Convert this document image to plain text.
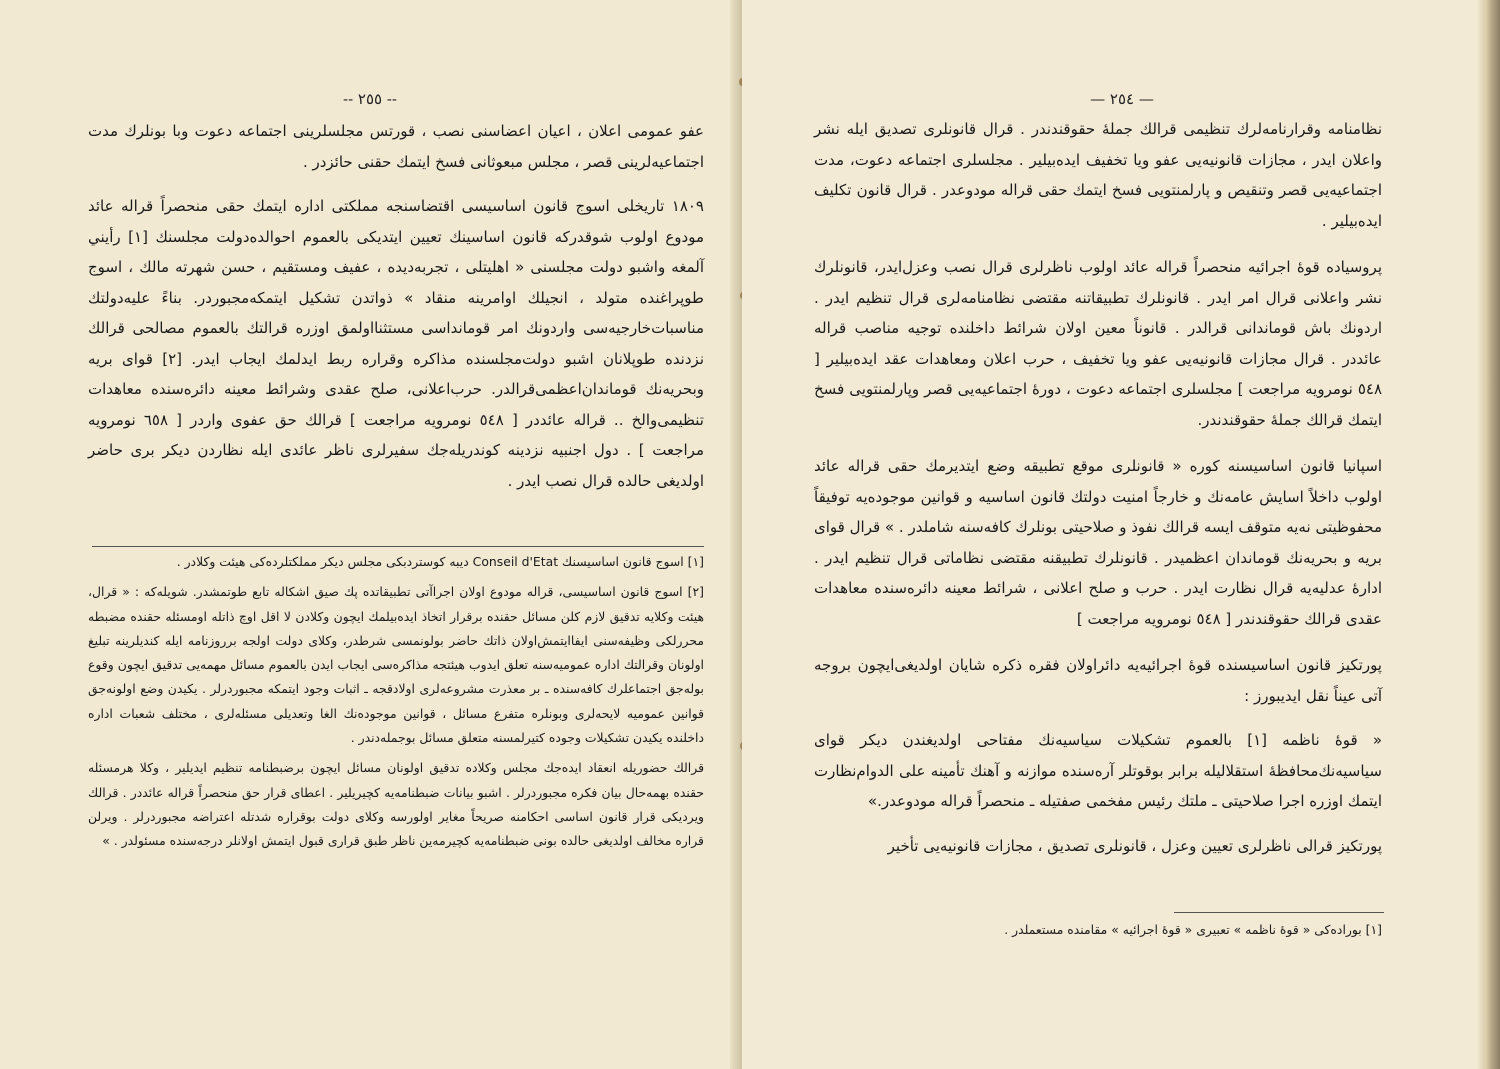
-- ٢٥٥ --

عفو عمومى اعلان ، اعيان اعضاسنى نصب ، قورتس مجلسلرينى اجتماعه دعوت وبا بونلرك مدت اجتماعيه‌لرينى قصر ، مجلس مبعوثانى فسخ ايتمك حقنى حائزدر .

١٨٠٩ تاريخلى اسوج قانون اساسيسى اقتضاسنجه مملكتى اداره ايتمك حقى منحصراً قراله عائد مودوع اولوب شوقدركه قانون اساسينك تعيين ايتديكى بالعموم احوالده‌دولت مجلسنك [١] رأيني آلمغه واشبو دولت مجلسنى « اهليتلى ، تجربه‌ديده ، عفيف ومستقيم ، حسن شهرته مالك ، اسوج طوپراغنده متولد ، انجيلك اوامرينه منقاد » ذواتدن تشكيل ايتمكه‌مجبوردر. بناءً عليه‌دولتك مناسبات‌خارجيه‌سى واردونك امر قوماندا‌سى مستثنا‌اولمق اوزره قرالتك بالعموم مصالحى قرالك نزدنده طوپلانان اشبو دولت‌مجلسنده مذاكره وقراره ربط ايدلمك ايجاب ايدر. [٢] قواى بريه وبحريه‌نك قوماندان‌اعظمى‌قرالدر. حرب‌اعلانى، صلح عقدى وشرائط معينه دائره‌سنده معاهدات تنظيمى‌والخ .. قراله عائددر [ ٥٤٨ نومرويه مراجعت ] قرالك حق عفوى واردر [ ٦٥٨ نومرويه مراجعت ] . دول اجنبيه نزدينه كوندريله‌جك سفيرلرى ناظر عائدى ايله نظاردن ديكر برى حاضر اولديغى حالده قرال نصب ايدر .

[١] اسوج قانون اساسيسنك Conseil d'Etat ديبه كوستردبكى مجلس ديكر مملكتلرده‌كى هيئت وكلادر .

[٢] اسوج قانون اساسيسى، قراله مودوع اولان اجراآتى تطبيقاتده پك صيق اشكاله تابع طوتمشدر. شويله‌كه : « قرال، هيئت وكلايه تدقيق لازم كلن مسائل حقنده برقرار اتخاذ ايده‌بيلمك ايچون وكلادن لا اقل اوچ ذاتله اومسئله حقنده مضبطه محررلكى وظيفه‌سنى ايفاايتمش‌اولان ذاتك حاضر بولونمسى شرطدر، وكلاى دولت اولجه برروزنامه ايله كنديلرينه تبليغ اولونان وقرالتك اداره عموميه‌سنه تعلق ايدوب هيئتجه مذاكره‌سى ايجاب ايدن بالعموم مسائل مهمه‌يى تدقيق ايچون وقوع بوله‌جق اجتماعلرك كافه‌سنده ـ بر معذرت مشروعه‌لرى اولادقجه ـ اثبات وجود ايتمكه مجبوردرلر . يكيدن وضع اولونه‌جق قوانين عموميه لايحه‌لرى وبونلره متفرع مسائل ، قوانين موجوده‌نك الغا وتعديلى مسئله‌لرى ، مختلف شعبات اداره داخلنده يكيدن تشكيلات وجوده كتيرلمسنه متعلق مسائل بوجمله‌دندر .

قرالك حضوريله انعقاد ايده‌جك مجلس وكلاده تدقيق اولونان مسائل ايچون برضبطنامه تنظيم ايديلير ، وكلا هرمسئله حقنده بهمه‌حال بيان فكره مجبوردرلر . اشبو بيانات ضبطنامه‌يه كچيريلير . اعطاى قرار حق منحصراً قراله عائددر . قرالك ويرديكى قرار قانون اساسى احكامنه صريحاً مغاير اولورسه وكلاى دولت بوقراره شدتله اعتراضه مجبوردرلر . ويرلن قراره مخالف اولديغى حالده بونى ضبطنامه‌يه كچيرمه‌ين ناظر طبق قرارى قبول ايتمش اولانلر درجه‌سنده مسئولدر . »

— ٢٥٤ —

نظامنامه وقرارنامه‌لرك تنظيمى قرالك جملهٔ حقوقندندر . قرال قانونلرى تصديق ايله نشر واعلان ايدر ، مجازات قانونيه‌يى عفو ويا تخفيف ايده‌بيلير . مجلسلرى اجتماعه دعوت، مدت اجتماعيه‌يى قصر وتنقيص و پارلمنتويى فسخ ايتمك حقى قراله مودوعدر . قرال قانون تكليف ايده‌بيلير .

پروسياده قوهٔ اجرائيه منحصراً قراله عائد اولوب ناظرلرى قرال نصب وعزل‌ايدر، قانونلرك نشر واعلانى قرال امر ايدر . قانونلرك تطبيقاتنه مقتضى نظامنامه‌لرى قرال تنظيم ايدر . اردونك باش قوماندانى قرالدر . قانوناً معين اولان شرائط داخلنده توجيه مناصب قراله عائددر . قرال مجازات قانونيه‌يى عفو ويا تخفيف ، حرب اعلان ومعاهدات عقد ايده‌بيلير [ ٥٤٨ نومرويه مراجعت ] مجلسلرى اجتماعه دعوت ، دورهٔ اجتماعيه‌يى قصر وپارلمنتويى فسخ ايتمك قرالك جملهٔ حقوقندندر.

اسپانيا قانون اساسيسنه كوره « قانونلرى موقع تطبيقه وضع ايتديرمك حقى قراله عائد اولوب داخلاً اسايش عامه‌نك و خارجاً امنيت دولتك قانون اساسيه و قوانين موجوده‌يه توفيقاً محفوظيتى نه‌يه متوقف ايسه قرالك نفوذ و صلاحيتى بونلرك كافه‌سنه شاملدر . » قرال قواى بريه و بحريه‌نك قوماندان اعظميدر . قانونلرك تطبيقنه مقتضى نظاماتى قرال تنظيم ايدر . ادارهٔ عدليه‌يه قرال نظارت ايدر . حرب و صلح اعلانى ، شرائط معينه دائره‌سنده معاهدات عقدى قرالك حقوقندندر [ ٥٤٨ نومرويه مراجعت ]

پورتكيز قانون اساسيسنده قوهٔ اجرائيه‌يه دائراولان فقره ذكره شايان اولديغى‌ايچون بروجه آتى عيناً نقل ايديبورز :

« قوهٔ ناظمه [١] بالعموم تشكيلات سياسيه‌نك مفتاحى اولديغندن ديكر قواى سياسيه‌نك‌محافظهٔ استقلاليله برابر بوقوتلر آره‌سنده موازنه و آهنك تأمينه على الدوام‌نظارت ايتمك اوزره اجرا صلاحيتى ـ ملتك رئيس مفخمى صفتيله ـ منحصراً قراله مودوعدر.»

پورتكيز قرالى ناظرلرى تعيين وعزل ، قانونلرى تصديق ، مجازات قانونيه‌يى تأخير

[١] بوراده‌كى « قوهٔ ناظمه » تعبيرى « قوهٔ اجرائيه » مقامنده مستعملدر .
